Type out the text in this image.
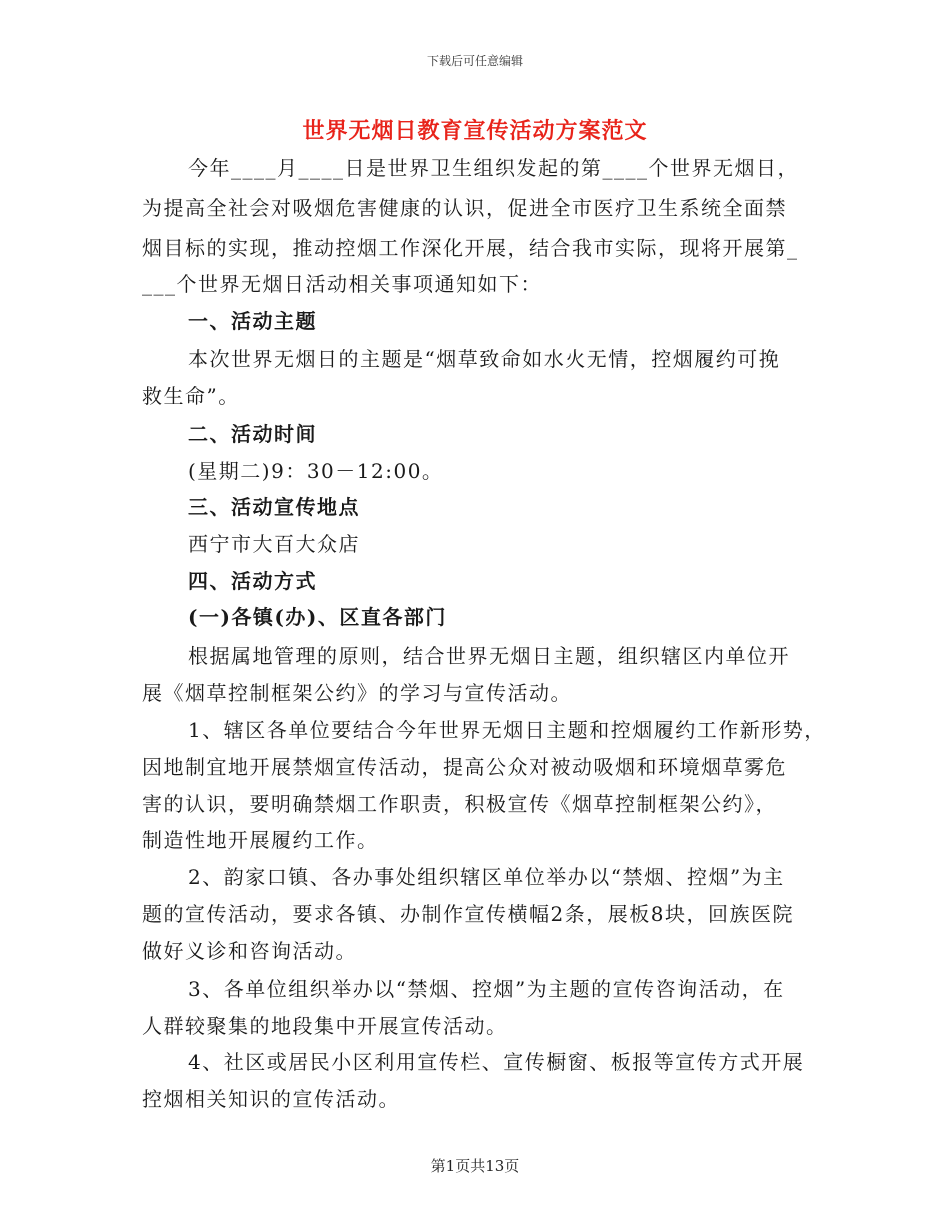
下载后可任意编辑
世界无烟日教育宣传活动方案范文
今年____月____日是世界卫生组织发起的第____个世界无烟日，
为提高全社会对吸烟危害健康的认识，促进全市医疗卫生系统全面禁
烟目标的实现，推动控烟工作深化开展，结合我市实际，现将开展第_
___个世界无烟日活动相关事项通知如下：
一、活动主题
本次世界无烟日的主题是“烟草致命如水火无情，控烟履约可挽
救生命”。
二、活动时间
(星期二)9：30－12:00。
三、活动宣传地点
西宁市大百大众店
四、活动方式
(一)各镇(办)、区直各部门
根据属地管理的原则，结合世界无烟日主题，组织辖区内单位开
展《烟草控制框架公约》的学习与宣传活动。
1、辖区各单位要结合今年世界无烟日主题和控烟履约工作新形势，
因地制宜地开展禁烟宣传活动，提高公众对被动吸烟和环境烟草雾危
害的认识，要明确禁烟工作职责，积极宣传《烟草控制框架公约》，
制造性地开展履约工作。
2、韵家口镇、各办事处组织辖区单位举办以“禁烟、控烟”为主
题的宣传活动，要求各镇、办制作宣传横幅2条，展板8块，回族医院
做好义诊和咨询活动。
3、各单位组织举办以“禁烟、控烟”为主题的宣传咨询活动，在
人群较聚集的地段集中开展宣传活动。
4、社区或居民小区利用宣传栏、宣传橱窗、板报等宣传方式开展
控烟相关知识的宣传活动。
第1页共13页
